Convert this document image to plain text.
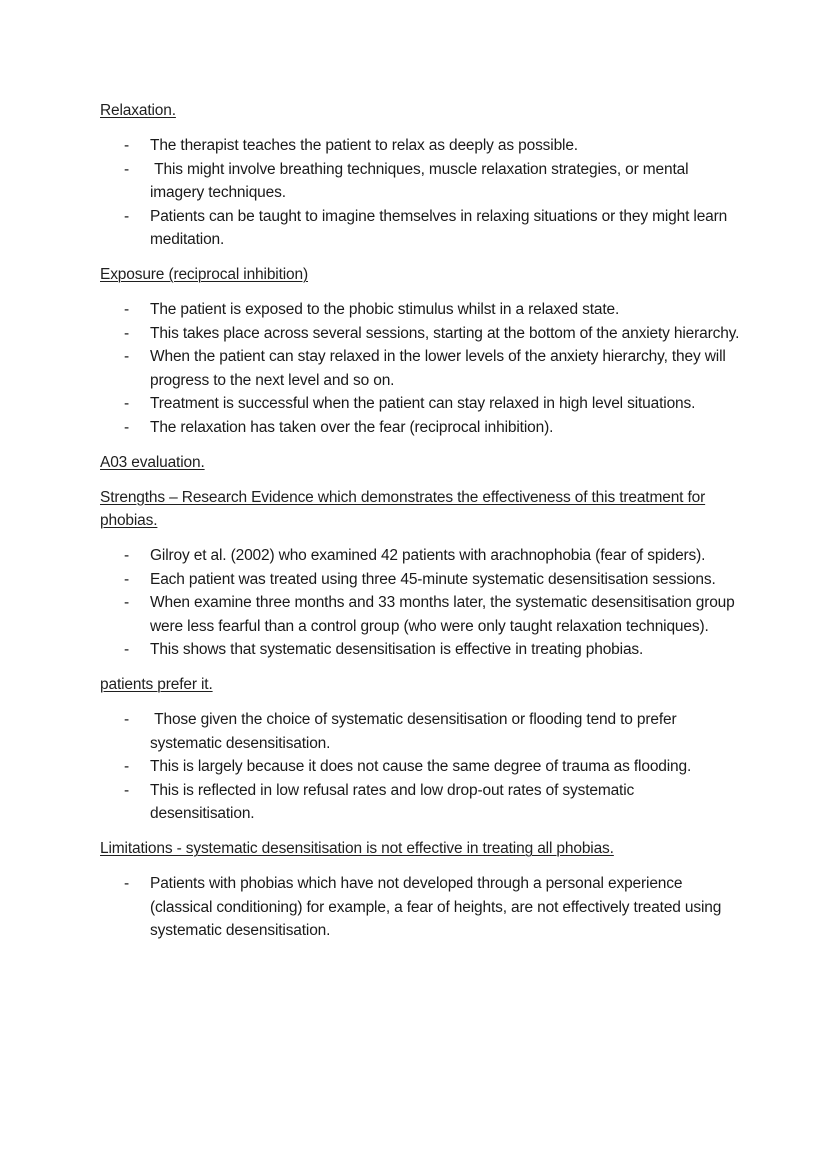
Relaxation.
-	The therapist teaches the patient to relax as deeply as possible.
-	This might involve breathing techniques, muscle relaxation strategies, or mental imagery techniques.
-	Patients can be taught to imagine themselves in relaxing situations or they might learn meditation.
Exposure (reciprocal inhibition)
-	The patient is exposed to the phobic stimulus whilst in a relaxed state.
-	This takes place across several sessions, starting at the bottom of the anxiety hierarchy.
-	When the patient can stay relaxed in the lower levels of the anxiety hierarchy, they will progress to the next level and so on.
-	Treatment is successful when the patient can stay relaxed in high level situations.
-	The relaxation has taken over the fear (reciprocal inhibition).
A03 evaluation.
Strengths – Research Evidence which demonstrates the effectiveness of this treatment for phobias.
-	Gilroy et al. (2002) who examined 42 patients with arachnophobia (fear of spiders).
-	Each patient was treated using three 45-minute systematic desensitisation sessions.
-	When examine three months and 33 months later, the systematic desensitisation group were less fearful than a control group (who were only taught relaxation techniques).
-	This shows that systematic desensitisation is effective in treating phobias.
patients prefer it.
-	Those given the choice of systematic desensitisation or flooding tend to prefer systematic desensitisation.
-	This is largely because it does not cause the same degree of trauma as flooding.
-	This is reflected in low refusal rates and low drop-out rates of systematic desensitisation.
Limitations - systematic desensitisation is not effective in treating all phobias.
-	Patients with phobias which have not developed through a personal experience (classical conditioning) for example, a fear of heights, are not effectively treated using systematic desensitisation.
